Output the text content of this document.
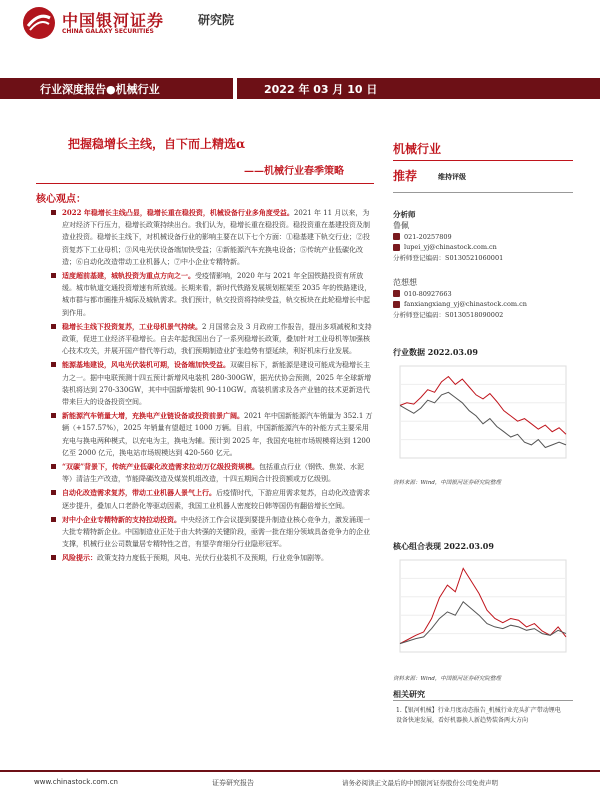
中国银河证券
CHINA GALAXY SECURITIES
研究院
行业深度报告●机械行业	2022 年 03 月 10 日
把握稳增长主线，自下而上精选α
——机械行业春季策略
核心观点：
2022 年稳增长主线凸显，稳增长重在稳投资，机械设备行业多角度受益。2021 年 11 月以来，为应对经济下行压力，稳增长政策持续出台。我们认为，稳增长重在稳投资。稳投资重在基建投资及制造业投资。稳增长主线下，对机械设备行业的影响主要在以下七个方面：①稳基建下轨交行业；②投资复苏下工业母机；③风电光伏设备端加快受益；④新能源汽车充换电设备；⑤传统产业低碳化改造；⑥自动化改造带动工业机器人；⑦中小企业专精特新。
适度超前基建，城轨投资为重点方向之一。受疫情影响，2020 年与 2021 年全国铁路投资有所放缓。城市轨道交通投资增速有所放缓。长期来看，新时代铁路发展规划框架至 2035 年的铁路建设，城市群与都市圈推升城际及城轨需求。我们预计，轨交投资将持续受益，轨交板块在此轮稳增长中起到作用。
稳增长主线下投资复苏，工业母机景气持续。2 月国常会及 3 月政府工作报告，提出多项减税和支持政策，促进工业经济平稳增长。自去年起我国出台了一系列稳增长政策，叠加针对工业母机等加强核心技术攻关，并展开国产替代等行动，我们预期制造业扩张趋势有望延续，利好机床行业发展。
能源基地建设，风电光伏装机可期，设备端加快受益。双碳目标下，新能源是建设可能成为稳增长主力之一。据中电联预测十四五预计新增风电装机 280-300GW，据光伏协会预测，2025 年全球新增装机将达到 270-330GW，其中中国新增装机 90-110GW。高装机需求及各产业链的技术更新迭代带来巨大的设备投资空间。
新能源汽车销量大增，充换电产业链设备或投资前景广阔。2021 年中国新能源汽车销量为 352.1 万辆（+157.57%），2025 年销量有望超过 1000 万辆。目前，中国新能源汽车的补能方式主要采用充电与换电两种模式，以充电为主，换电为辅。预计到 2025 年，我国充电桩市场规模将达到 1200 亿至 2000 亿元，换电站市场规模达到 420-560 亿元。
“双碳”背景下，传统产业低碳化改造需求拉动万亿级投资规模。包括重点行业（钢铁、焦炭、水泥等）清洁生产改造，节能降碳改造及煤炭机组改造，十四五期间合计投资额或万亿级别。
自动化改造需求复苏，带动工业机器人景气上行。后疫情时代，下游应用需求复苏，自动化改造需求逐步提升，叠加人口老龄化等驱动因素，我国工业机器人密度较日韩等国仍有翻倍增长空间。
对中小企业专精特新的支持拉动投资。中央经济工作会议提到要提升制造业核心竞争力，激发涌现一大批专精特新企业。中国制造业正处于由大转强的关键阶段，亟需一批在细分领域具备竞争力的企业支撑，机械行业公司数量居专精特性之首，有望孕育细分行业隐形冠军。
风险提示：政策支持力度低于预期，风电、光伏行业装机不及预期，行业竞争加剧等。
机械行业
推荐	维持评级
分析师
鲁佩
021-20257809
lupei_yj@chinastock.com.cn
分析师登记编码：S0130521060001
范想想
010-80927663
fanxiangxiang_yj@chinastock.com.cn
分析师登记编码：S0130518090002
行业数据 2022.03.09
资料来源：Wind，中国银河证券研究院整理
核心组合表现 2022.03.09
资料来源：Wind，中国银河证券研究院整理
相关研究
1.【银河机械】行业月度动态报告_机械行业充头扩产带动锂电设备快速发展，看好机器换人新趋势装备两大方向
www.chinastock.com.cn	证券研究报告	请务必阅读正文最后的中国银河证券股份公司免责声明
